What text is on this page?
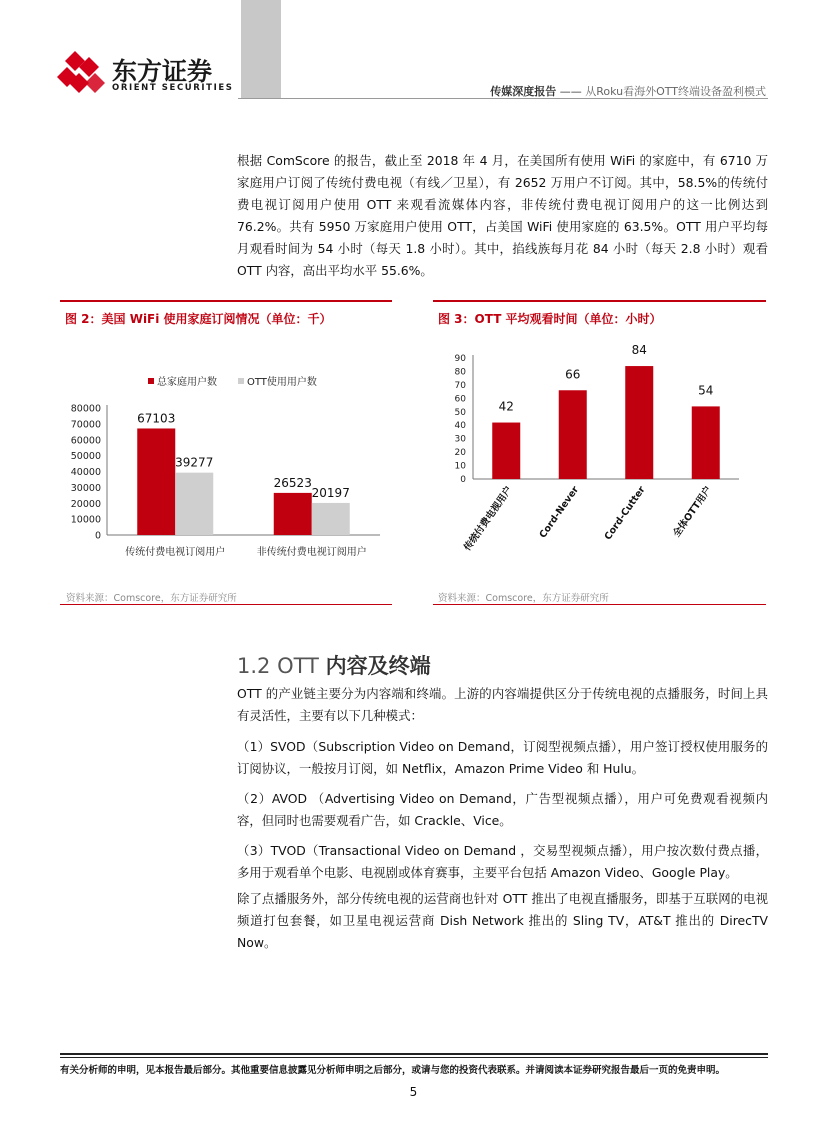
东方证券
ORIENT SECURITIES	传媒深度报告 —— 从Roku看海外OTT终端设备盈利模式
根据 ComScore 的报告，截止至 2018 年 4 月，在美国所有使用 WiFi 的家庭中，有 6710 万家庭用户订阅了传统付费电视（有线／卫星），有 2652 万用户不订阅。其中，58.5%的传统付费电视订阅用户使用 OTT 来观看流媒体内容，非传统付费电视订阅用户的这一比例达到 76.2%。共有 5950 万家庭用户使用 OTT，占美国 WiFi 使用家庭的 63.5%。OTT 用户平均每月观看时间为 54 小时（每天 1.8 小时）。其中，掐线族每月花 84 小时（每天 2.8 小时）观看 OTT 内容，高出平均水平 55.6%。
图 2：美国 WiFi 使用家庭订阅情况（单位：千）
总家庭用户数	OTT使用用户数
80000
70000
60000
50000
40000
30000
20000
10000
0
67103
39277
传统付费电视订阅用户
26523
20197
非传统付费电视订阅用户
资料来源：Comscore，东方证券研究所
图 3：OTT 平均观看时间（单位：小时）
90
80
70
60
50
40
30
20
10
0
42
传统付费电视用户
66
Cord-Never
84
Cord-Cutter
54
全体OTT用户
资料来源：Comscore，东方证券研究所
1.2 OTT 内容及终端
OTT 的产业链主要分为内容端和终端。上游的内容端提供区分于传统电视的点播服务，时间上具有灵活性，主要有以下几种模式：
（1）SVOD（Subscription Video on Demand，订阅型视频点播），用户签订授权使用服务的订阅协议，一般按月订阅，如 Netflix，Amazon Prime Video 和 Hulu。
（2）AVOD （Advertising Video on Demand，广告型视频点播），用户可免费观看视频内容，但同时也需要观看广告，如 Crackle、Vice。
（3）TVOD（Transactional Video on Demand ，交易型视频点播），用户按次数付费点播，多用于观看单个电影、电视剧或体育赛事，主要平台包括 Amazon Video、Google Play。
除了点播服务外，部分传统电视的运营商也针对 OTT 推出了电视直播服务，即基于互联网的电视频道打包套餐，如卫星电视运营商 Dish Network 推出的 Sling TV，AT&T 推出的 DirecTV Now。
有关分析师的申明，见本报告最后部分。其他重要信息披露见分析师申明之后部分，或请与您的投资代表联系。并请阅读本证券研究报告最后一页的免责申明。
5
